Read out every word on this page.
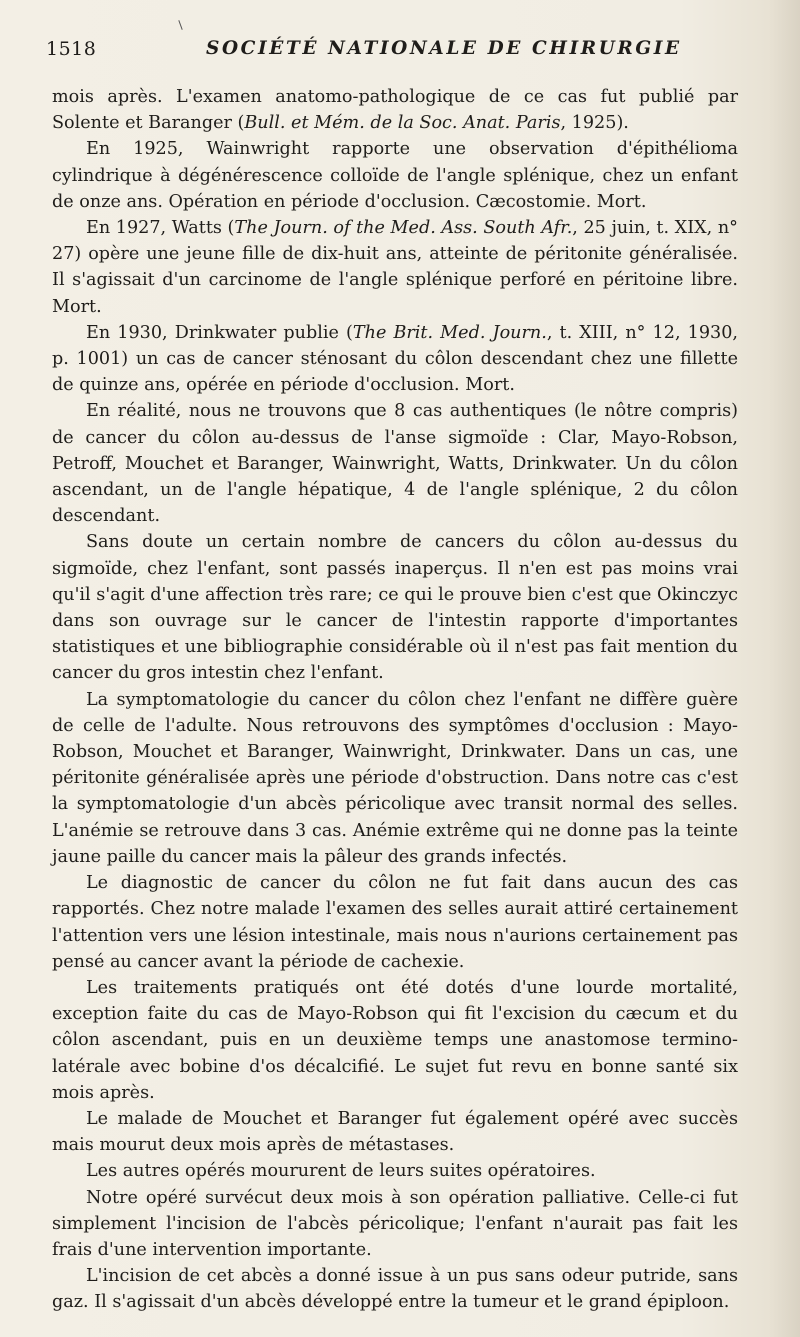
1518	SOCIÉTÉ NATIONALE DE CHIRURGIE

mois après. L'examen anatomo-pathologique de ce cas fut publié par Solente et Baranger (Bull. et Mém. de la Soc. Anat. Paris, 1925).

En 1925, Wainwright rapporte une observation d'épithélioma cylindrique à dégénérescence colloïde de l'angle splénique, chez un enfant de onze ans. Opération en période d'occlusion. Cæcostomie. Mort.

En 1927, Watts (The Journ. of the Med. Ass. South Afr., 25 juin, t. XIX, n° 27) opère une jeune fille de dix-huit ans, atteinte de péritonite généralisée. Il s'agissait d'un carcinome de l'angle splénique perforé en péritoine libre. Mort.

En 1930, Drinkwater publie (The Brit. Med. Journ., t. XIII, n° 12, 1930, p. 1001) un cas de cancer sténosant du côlon descendant chez une fillette de quinze ans, opérée en période d'occlusion. Mort.

En réalité, nous ne trouvons que 8 cas authentiques (le nôtre compris) de cancer du côlon au-dessus de l'anse sigmoïde : Clar, Mayo-Robson, Petroff, Mouchet et Baranger, Wainwright, Watts, Drinkwater. Un du côlon ascendant, un de l'angle hépatique, 4 de l'angle splénique, 2 du côlon descendant.

Sans doute un certain nombre de cancers du côlon au-dessus du sigmoïde, chez l'enfant, sont passés inaperçus. Il n'en est pas moins vrai qu'il s'agit d'une affection très rare; ce qui le prouve bien c'est que Okinczyc dans son ouvrage sur le cancer de l'intestin rapporte d'importantes statistiques et une bibliographie considérable où il n'est pas fait mention du cancer du gros intestin chez l'enfant.

La symptomatologie du cancer du côlon chez l'enfant ne diffère guère de celle de l'adulte. Nous retrouvons des symptômes d'occlusion : Mayo-Robson, Mouchet et Baranger, Wainwright, Drinkwater. Dans un cas, une péritonite généralisée après une période d'obstruction. Dans notre cas c'est la symptomatologie d'un abcès péricolique avec transit normal des selles. L'anémie se retrouve dans 3 cas. Anémie extrême qui ne donne pas la teinte jaune paille du cancer mais la pâleur des grands infectés.

Le diagnostic de cancer du côlon ne fut fait dans aucun des cas rapportés. Chez notre malade l'examen des selles aurait attiré certainement l'attention vers une lésion intestinale, mais nous n'aurions certainement pas pensé au cancer avant la période de cachexie.

Les traitements pratiqués ont été dotés d'une lourde mortalité, exception faite du cas de Mayo-Robson qui fit l'excision du cæcum et du côlon ascendant, puis en un deuxième temps une anastomose termino-latérale avec bobine d'os décalcifié. Le sujet fut revu en bonne santé six mois après.

Le malade de Mouchet et Baranger fut également opéré avec succès mais mourut deux mois après de métastases.

Les autres opérés moururent de leurs suites opératoires.

Notre opéré survécut deux mois à son opération palliative. Celle-ci fut simplement l'incision de l'abcès péricolique; l'enfant n'aurait pas fait les frais d'une intervention importante.

L'incision de cet abcès a donné issue à un pus sans odeur putride, sans gaz. Il s'agissait d'un abcès développé entre la tumeur et le grand épiploon.
